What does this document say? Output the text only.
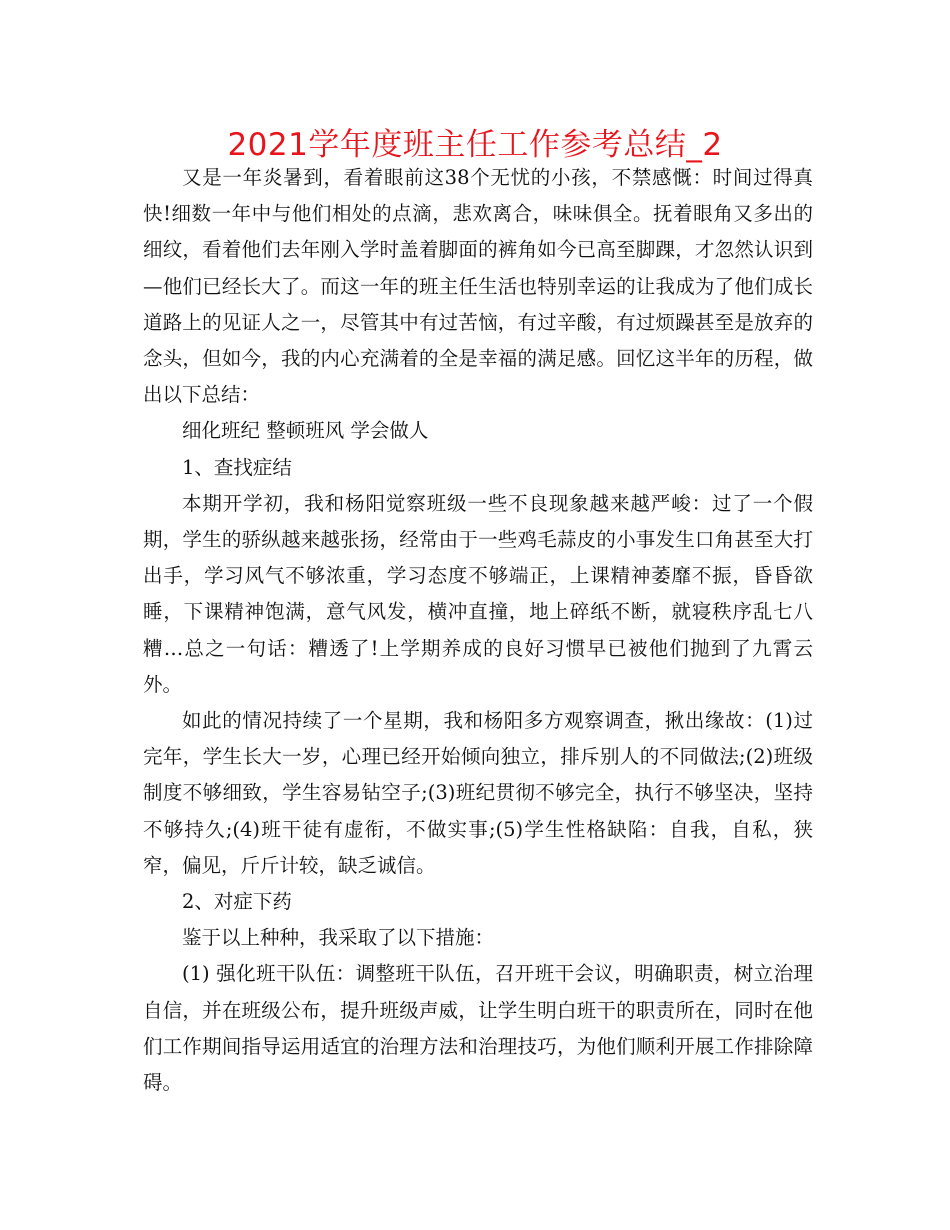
2021学年度班主任工作参考总结_2

又是一年炎暑到，看着眼前这38个无忧的小孩，不禁感慨：时间过得真快!细数一年中与他们相处的点滴，悲欢离合，味味俱全。抚着眼角又多出的细纹，看着他们去年刚入学时盖着脚面的裤角如今已高至脚踝，才忽然认识到—他们已经长大了。而这一年的班主任生活也特别幸运的让我成为了他们成长道路上的见证人之一，尽管其中有过苦恼，有过辛酸，有过烦躁甚至是放弃的念头，但如今，我的内心充满着的全是幸福的满足感。回忆这半年的历程，做出以下总结：

细化班纪 整顿班风 学会做人

1、查找症结

本期开学初，我和杨阳觉察班级一些不良现象越来越严峻：过了一个假期，学生的骄纵越来越张扬，经常由于一些鸡毛蒜皮的小事发生口角甚至大打出手，学习风气不够浓重，学习态度不够端正，上课精神萎靡不振，昏昏欲睡，下课精神饱满，意气风发，横冲直撞，地上碎纸不断，就寝秩序乱七八糟…总之一句话：糟透了!上学期养成的良好习惯早已被他们抛到了九霄云外。

如此的情况持续了一个星期，我和杨阳多方观察调查，揪出缘故：(1)过完年，学生长大一岁，心理已经开始倾向独立，排斥别人的不同做法;(2)班级制度不够细致，学生容易钻空子;(3)班纪贯彻不够完全，执行不够坚决，坚持不够持久;(4)班干徒有虚衔，不做实事;(5)学生性格缺陷：自我，自私，狭窄，偏见，斤斤计较，缺乏诚信。

2、对症下药

鉴于以上种种，我采取了以下措施：

(1) 强化班干队伍：调整班干队伍，召开班干会议，明确职责，树立治理自信，并在班级公布，提升班级声威，让学生明白班干的职责所在，同时在他们工作期间指导运用适宜的治理方法和治理技巧，为他们顺利开展工作排除障碍。
